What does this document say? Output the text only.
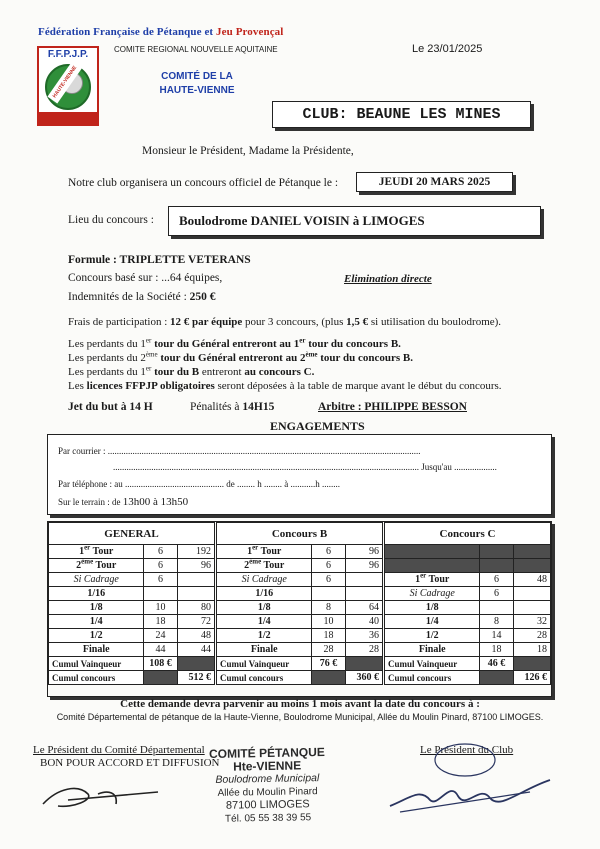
Fédération Française de Pétanque et Jeu Provençal
F.F.P.J.P.
HAUTE-VIENNE
COMITE REGIONAL NOUVELLE AQUITAINE	Le 23/01/2025
COMITÉ DE LA
HAUTE-VIENNE
CLUB: BEAUNE LES MINES
Monsieur le Président, Madame la Présidente,
Notre club organisera un concours officiel de Pétanque le :	JEUDI 20 MARS 2025
Lieu du concours :	Boulodrome DANIEL VOISIN à LIMOGES
Formule : TRIPLETTE VETERANS
Concours basé sur : ...64 équipes,	Elimination directe
Indemnités de la Société : 250 €
Frais de participation : 12 € par équipe pour 3 concours, (plus 1,5 € si utilisation du boulodrome).
Les perdants du 1er tour du Général entreront au 1er tour du concours B.
Les perdants du 2ème tour du Général entreront au 2ème tour du concours B.
Les perdants du 1er tour du B entreront au concours C.
Les licences FFPJP obligatoires seront déposées à la table de marque avant le début du concours.
Jet du but à 14 H	Pénalités à 14H15	Arbitre : PHILIPPE BESSON
ENGAGEMENTS
Par courrier : ...........................................................................................................................................
........................................................................................................................................ Jusqu'au ...................
Par téléphone : au ............................................ de ........ h ........ à ...........h ........
Sur le terrain : de 13h00 à 13h50
GENERAL		
1er Tour	6	192
2ème Tour	6	96
Si Cadrage	6	
1/16		
1/8	10	80
1/4	18	72
1/2	24	48
Finale	44	44
Cumul Vainqueur	108 €	
Cumul concours		512 €
Concours B		
1er Tour	6	96
2ème Tour	6	96
Si Cadrage	6	
1/16		
1/8	8	64
1/4	10	40
1/2	18	36
Finale	28	28
Cumul Vainqueur	76 €	
Cumul concours		360 €
Concours C		

1er Tour	6	48
Si Cadrage	6	
1/8		
1/4	8	32
1/2	14	28
Finale	18	18
Cumul Vainqueur	46 €	
Cumul concours		126 €
Cette demande devra parvenir au moins 1 mois avant la date du concours à :
Comité Départemental de pétanque de la Haute-Vienne, Boulodrome Municipal, Allée du Moulin Pinard, 87100 LIMOGES.
Le Président du Comité Départemental
BON POUR ACCORD ET DIFFUSION
Le Président du Club
COMITÉ PÉTANQUE
Hte-VIENNE
Boulodrome Municipal
Allée du Moulin Pinard
87100 LIMOGES
Tél. 05 55 38 39 55
